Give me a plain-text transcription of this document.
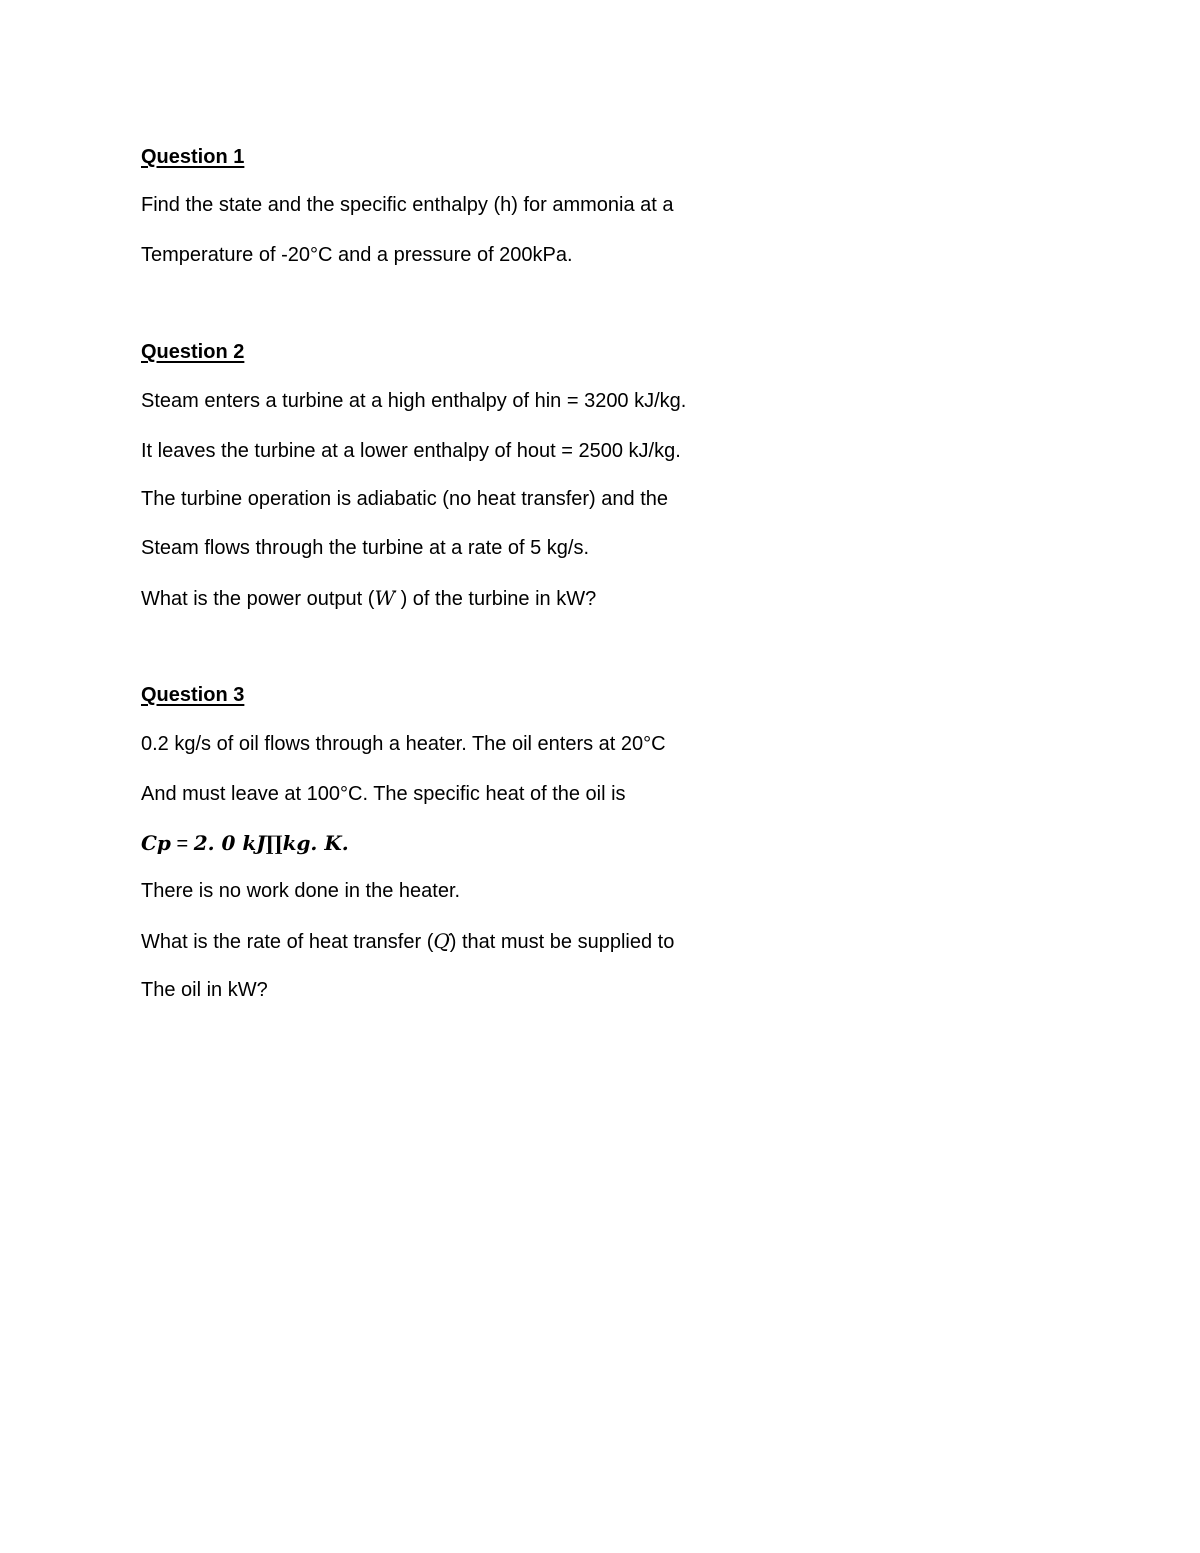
Question 1
Find the state and the specific enthalpy (h) for ammonia at a
Temperature of -20°C and a pressure of 200kPa.
Question 2
Steam enters a turbine at a high enthalpy of hin = 3200 kJ/kg.
It leaves the turbine at a lower enthalpy of hout = 2500 kJ/kg.
The turbine operation is adiabatic (no heat transfer) and the
Steam flows through the turbine at a rate of 5 kg/s.
What is the power output (W ) of the turbine in kW?
Question 3
0.2 kg/s of oil flows through a heater. The oil enters at 20°C
And must leave at 100°C. The specific heat of the oil is
Cp = 2. 0 kJ∏kg. K.
There is no work done in the heater.
What is the rate of heat transfer (Q) that must be supplied to
The oil in kW?
